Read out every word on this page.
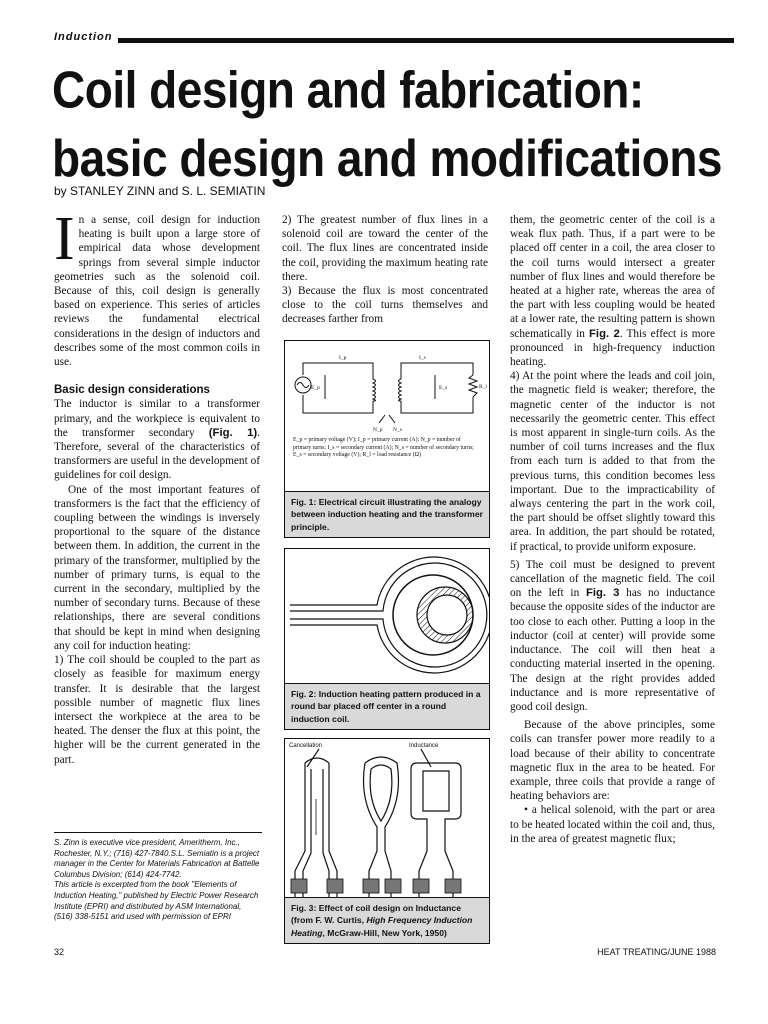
Induction
Coil design and fabrication:
basic design and modifications
by STANLEY ZINN and S. L. SEMIATIN

In a sense, coil design for induction heating is built upon a large store of empirical data whose development springs from several simple inductor geometries such as the solenoid coil. Because of this, coil design is generally based on experience. This series of articles reviews the fundamental electrical considerations in the design of inductors and describes some of the most common coils in use.

Basic design considerations

The inductor is similar to a transformer primary, and the workpiece is equivalent to the transformer secondary (Fig. 1). Therefore, several of the characteristics of transformers are useful in the development of guidelines for coil design.

One of the most important features of transformers is the fact that the efficiency of coupling between the windings is inversely proportional to the square of the distance between them. In addition, the current in the primary of the transformer, multiplied by the number of primary turns, is equal to the current in the secondary, multiplied by the number of secondary turns. Because of these relationships, there are several conditions that should be kept in mind when designing any coil for induction heating:

1) The coil should be coupled to the part as closely as feasible for maximum energy transfer. It is desirable that the largest possible number of magnetic flux lines intersect the workpiece at the area to be heated. The denser the flux at this point, the higher will be the current generated in the part.

S. Zinn is executive vice president, Ameritherm, Inc., Rochester, N.Y.; (716) 427-7840.S.L. Semiatin is a project manager in the Center for Materials Fabrication at Battelle Columbus Division; (614) 424-7742.

This article is excerpted from the book "Elements of Induction Heating," published by Electric Power Research Institute (EPRI) and distributed by ASM International, (516) 338-5151 and used with permission of EPRI

2) The greatest number of flux lines in a solenoid coil are toward the center of the coil. The flux lines are concentrated inside the coil, providing the maximum heating rate there.

3) Because the flux is most concentrated close to the coil turns themselves and decreases farther from

I_p	I_s
E_p	E_s	R_l
N_p N_s
E_p = primary voltage (V); I_p = primary current (A); N_p = number of primary turns; I_s = secondary current (A); N_s = number of secondary turns; E_s = secondary voltage (V); R_l = load resistance (Ω)
Fig. 1: Electrical circuit illustrating the analogy between induction heating and the transformer principle.
Fig. 2: Induction heating pattern produced in a round bar placed off center in a round induction coil.
Cancellation	Inductance
Fig. 3: Effect of coil design on Inductance (from F. W. Curtis, High Frequency Induction Heating, McGraw-Hill, New York, 1950)

them, the geometric center of the coil is a weak flux path. Thus, if a part were to be placed off center in a coil, the area closer to the coil turns would intersect a greater number of flux lines and would therefore be heated at a higher rate, whereas the area of the part with less coupling would be heated at a lower rate, the resulting pattern is shown schematically in Fig. 2. This effect is more pronounced in high-frequency induction heating.

4) At the point where the leads and coil join, the magnetic field is weaker; therefore, the magnetic center of the inductor is not necessarily the geometric center. This effect is most apparent in single-turn coils. As the number of coil turns increases and the flux from each turn is added to that from the previous turns, this condition becomes less important. Due to the impracticability of always centering the part in the work coil, the part should be offset slightly toward this area. In addition, the part should be rotated, if practical, to provide uniform exposure.

5) The coil must be designed to prevent cancellation of the magnetic field. The coil on the left in Fig. 3 has no inductance because the opposite sides of the inductor are too close to each other. Putting a loop in the inductor (coil at center) will provide some inductance. The coil will then heat a conducting material inserted in the opening. The design at the right provides added inductance and is more representative of good coil design.

Because of the above principles, some coils can transfer power more readily to a load because of their ability to concentrate magnetic flux in the area to be heated. For example, three coils that provide a range of heating behaviors are:

• a helical solenoid, with the part or area to be heated located within the coil and, thus, in the area of greatest magnetic flux;

32	HEAT TREATING/JUNE 1988
